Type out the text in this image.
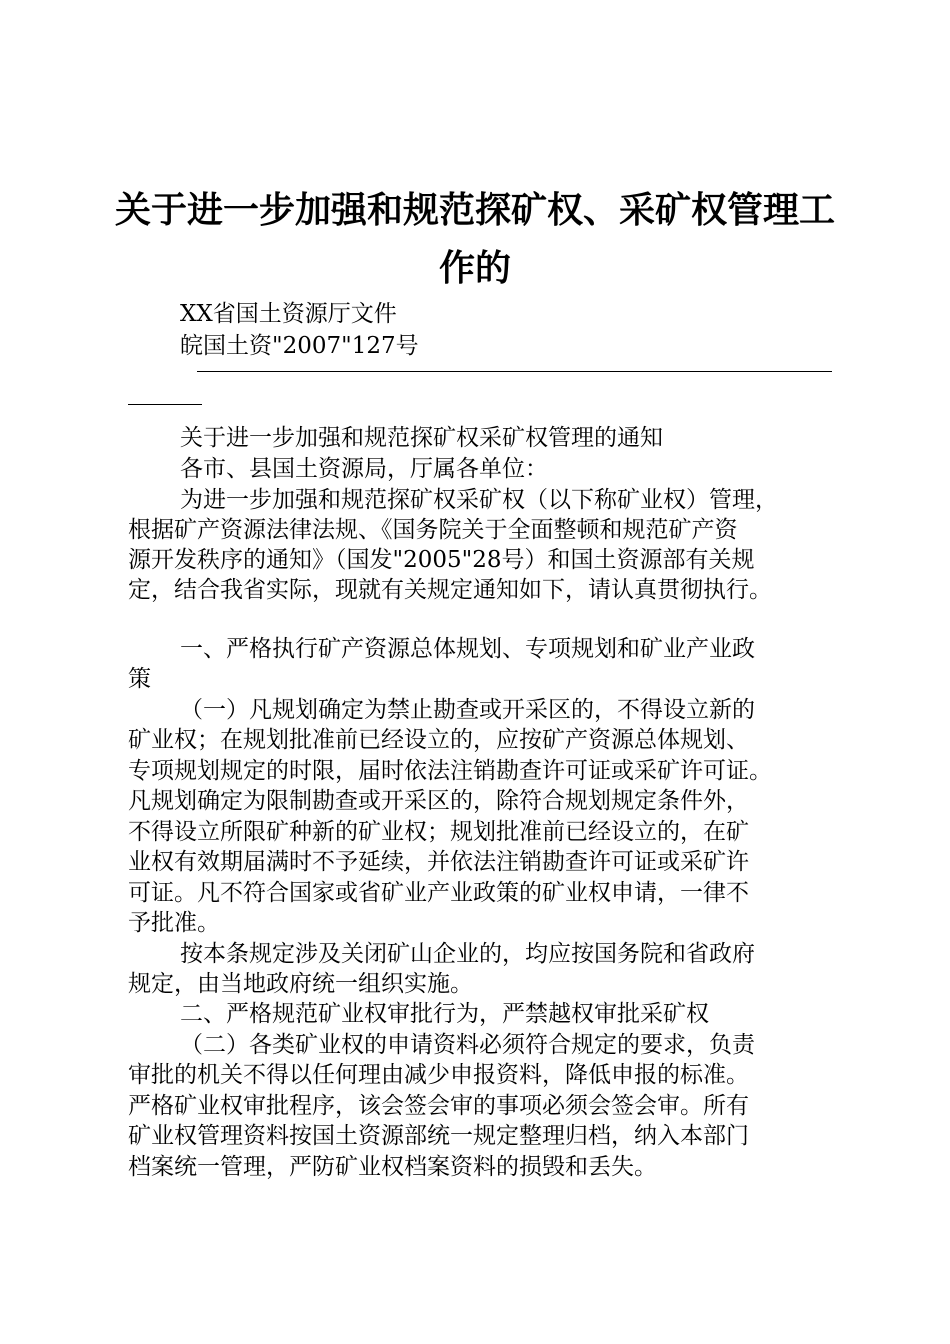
关于进一步加强和规范探矿权、采矿权管理工
作的
XX省国土资源厅文件
皖国土资"2007"127号
关于进一步加强和规范探矿权采矿权管理的通知
各市、县国土资源局，厅属各单位：
为进一步加强和规范探矿权采矿权（以下称矿业权）管理，
根据矿产资源法律法规、《国务院关于全面整顿和规范矿产资
源开发秩序的通知》（国发"2005"28号）和国土资源部有关规
定，结合我省实际，现就有关规定通知如下，请认真贯彻执行。
一、严格执行矿产资源总体规划、专项规划和矿业产业政
策
（一）凡规划确定为禁止勘查或开采区的，不得设立新的
矿业权；在规划批准前已经设立的，应按矿产资源总体规划、
专项规划规定的时限，届时依法注销勘查许可证或采矿许可证。
凡规划确定为限制勘查或开采区的，除符合规划规定条件外，
不得设立所限矿种新的矿业权；规划批准前已经设立的，在矿
业权有效期届满时不予延续，并依法注销勘查许可证或采矿许
可证。凡不符合国家或省矿业产业政策的矿业权申请，一律不
予批准。
按本条规定涉及关闭矿山企业的，均应按国务院和省政府
规定，由当地政府统一组织实施。
二、严格规范矿业权审批行为，严禁越权审批采矿权
（二）各类矿业权的申请资料必须符合规定的要求，负责
审批的机关不得以任何理由减少申报资料，降低申报的标准。
严格矿业权审批程序，该会签会审的事项必须会签会审。所有
矿业权管理资料按国土资源部统一规定整理归档，纳入本部门
档案统一管理，严防矿业权档案资料的损毁和丢失。
